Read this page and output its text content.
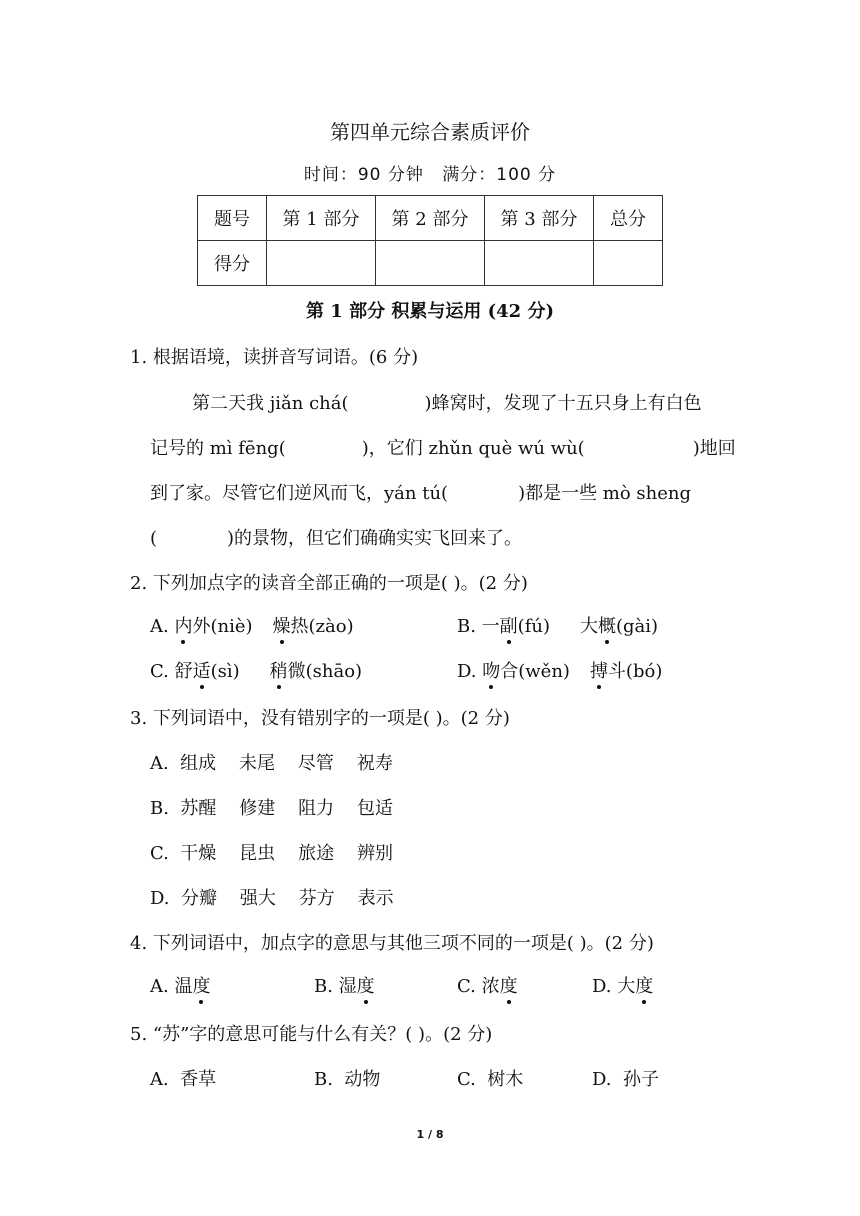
第四单元综合素质评价
时间：90 分钟 满分：100 分
题号	第 1 部分	第 2 部分	第 3 部分	总分
得分				
第 1 部分 积累与运用 (42 分)
1. 根据语境，读拼音写词语。(6 分)
第二天我 jiǎn chá(	)蜂窝时，发现了十五只身上有白色
记号的 mì fēng(	)，它们 zhǔn què wú wù(	)地回
到了家。尽管它们逆风而飞，yán tú(	)都是一些 mò sheng
(	)的景物，但它们确确实实飞回来了。
2. 下列加点字的读音全部正确的一项是( )。(2 分)
A. 内外(niè) 燥热(zào)	B. 一副(fú) 大概(gài)
C. 舒适(sì) 稍微(shāo)	D. 吻合(wěn) 搏斗(bó)
3. 下列词语中，没有错别字的一项是( )。(2 分)
A.  组成    未尾    尽管    祝寿
B.  苏醒    修建    阻力    包适
C.  干燥    昆虫    旅途    辨别
D.  分瓣    强大    芬方    表示
4. 下列词语中，加点字的意思与其他三项不同的一项是( )。(2 分)
A. 温度	B. 湿度	C. 浓度	D. 大度
5. “苏”字的意思可能与什么有关？( )。(2 分)
A.  香草	B.  动物	C.  树木	D.  孙子
1 / 8
